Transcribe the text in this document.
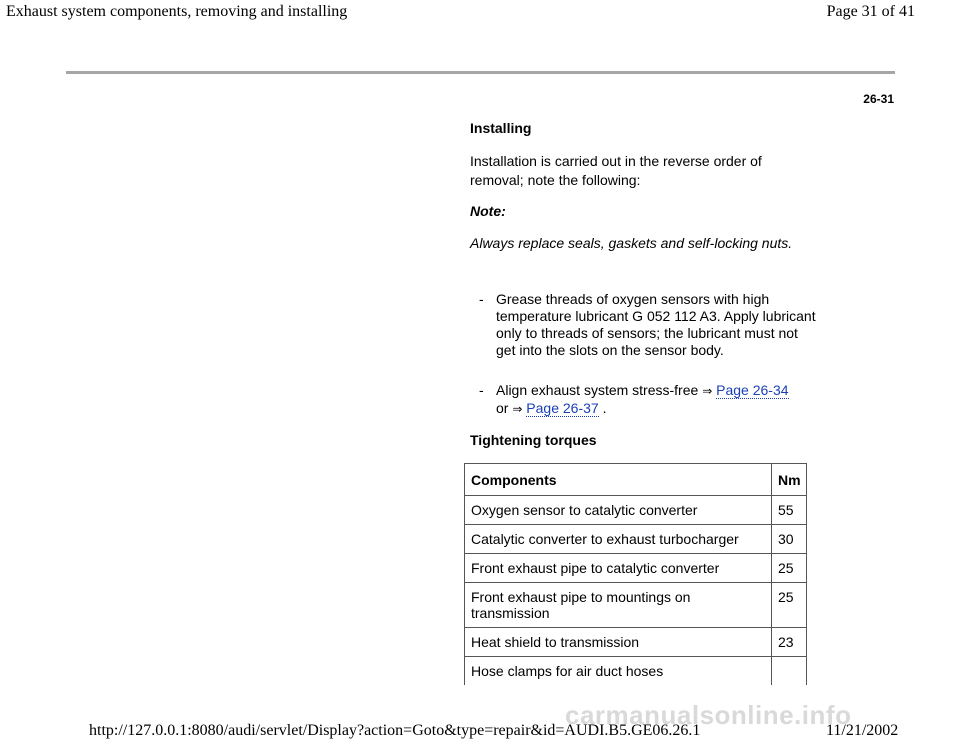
Exhaust system components, removing and installing	Page 31 of 41
26-31
Installing
Installation is carried out in the reverse order of removal; note the following:
Note:
Always replace seals, gaskets and self-locking nuts.
- Grease threads of oxygen sensors with high temperature lubricant G 052 112 A3. Apply lubricant only to threads of sensors; the lubricant must not get into the slots on the sensor body.
- Align exhaust system stress-free ⇒ Page 26-34
or ⇒ Page 26-37 .
Tightening torques
Components	Nm
Oxygen sensor to catalytic converter	55
Catalytic converter to exhaust turbocharger	30
Front exhaust pipe to catalytic converter	25
Front exhaust pipe to mountings on transmission	25
Heat shield to transmission	23
Hose clamps for air duct hoses	
carmanualsonline.info
http://127.0.0.1:8080/audi/servlet/Display?action=Goto&type=repair&id=AUDI.B5.GE06.26.1	11/21/2002
